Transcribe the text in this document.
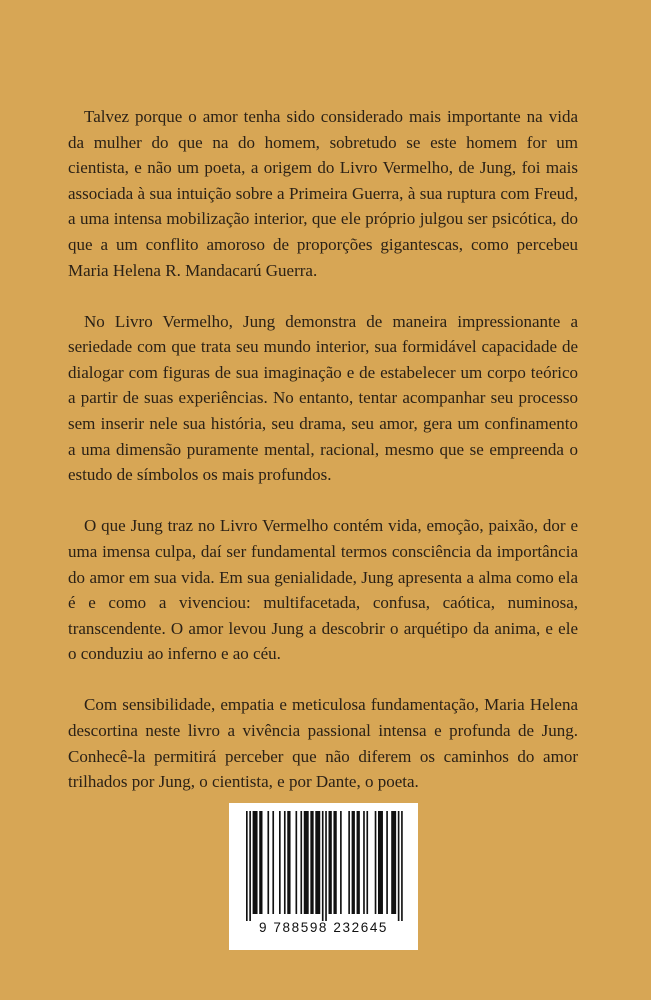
Talvez porque o amor tenha sido considerado mais importante na vida da mulher do que na do homem, sobretudo se este homem for um cientista, e não um poeta, a origem do Livro Vermelho, de Jung, foi mais associada à sua intuição sobre a Primeira Guerra, à sua ruptura com Freud, a uma intensa mobilização interior, que ele próprio julgou ser psicótica, do que a um conflito amoroso de proporções gigantescas, como percebeu Maria Helena R. Mandacarú Guerra.

No Livro Vermelho, Jung demonstra de maneira impressionante a seriedade com que trata seu mundo interior, sua formidável capacidade de dialogar com figuras de sua imaginação e de estabelecer um corpo teórico a partir de suas experiências. No entanto, tentar acompanhar seu processo sem inserir nele sua história, seu drama, seu amor, gera um confinamento a uma dimensão puramente mental, racional, mesmo que se empreenda o estudo de símbolos os mais profundos.

O que Jung traz no Livro Vermelho contém vida, emoção, paixão, dor e uma imensa culpa, daí ser fundamental termos consciência da importância do amor em sua vida. Em sua genialidade, Jung apresenta a alma como ela é e como a vivenciou: multifacetada, confusa, caótica, numinosa, transcendente. O amor levou Jung a descobrir o arquétipo da anima, e ele o conduziu ao inferno e ao céu.

Com sensibilidade, empatia e meticulosa fundamentação, Maria Helena descortina neste livro a vivência passional intensa e profunda de Jung. Conhecê-la permitirá perceber que não diferem os caminhos do amor trilhados por Jung, o cientista, e por Dante, o poeta.

9 788598 232645
